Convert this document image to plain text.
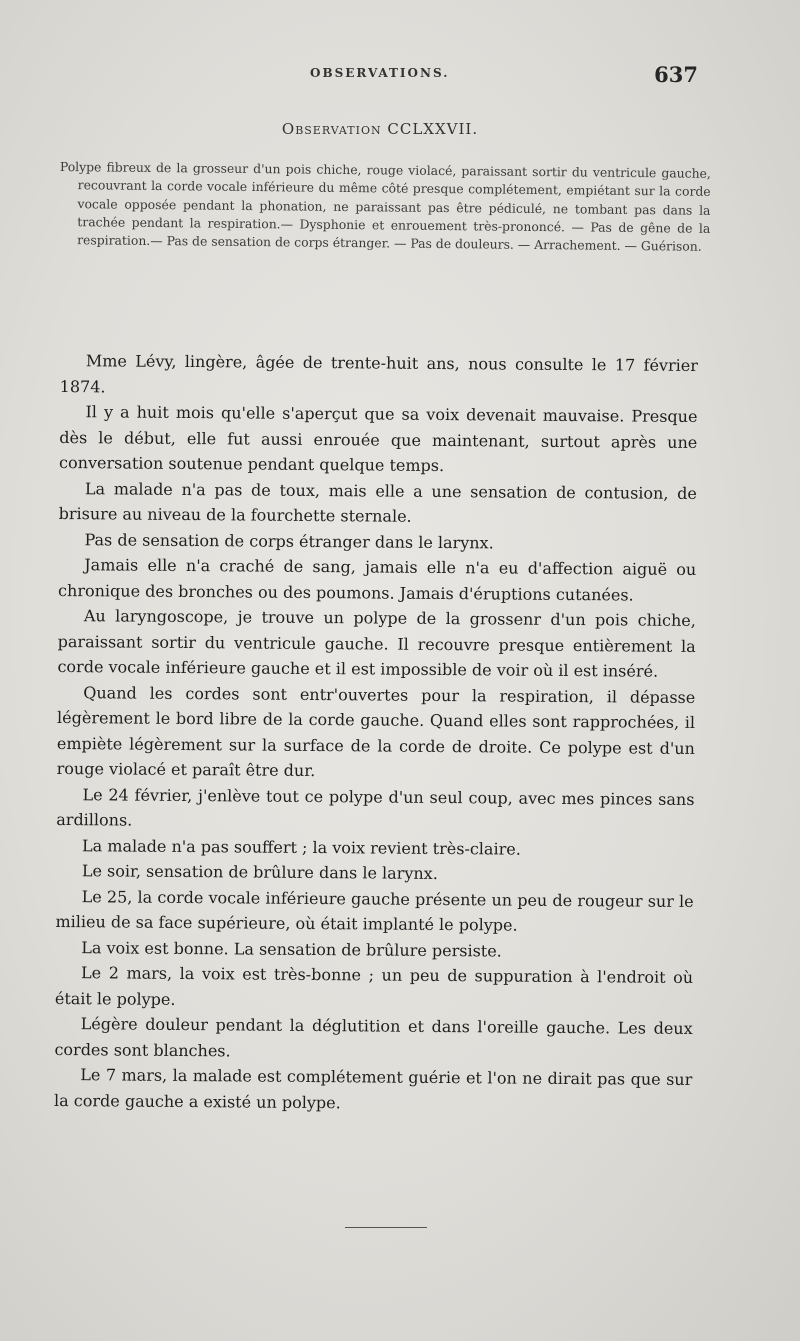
OBSERVATIONS.	637
Observation CCLXXVII.
Polype fibreux de la grosseur d'un pois chiche, rouge violacé, paraissant sortir du ventricule gauche, recouvrant la corde vocale inférieure du même côté presque complétement, empiétant sur la corde vocale opposée pendant la phonation, ne paraissant pas être pédiculé, ne tombant pas dans la trachée pendant la respiration.— Dysphonie et enrouement très-prononcé. — Pas de gêne de la respiration.— Pas de sensation de corps étranger. — Pas de douleurs. — Arrachement. — Guérison.

Mme Lévy, lingère, âgée de trente-huit ans, nous consulte le 17 février 1874.

Il y a huit mois qu'elle s'aperçut que sa voix devenait mauvaise. Presque dès le début, elle fut aussi enrouée que maintenant, surtout après une conversation soutenue pendant quelque temps.

La malade n'a pas de toux, mais elle a une sensation de contusion, de brisure au niveau de la fourchette sternale.

Pas de sensation de corps étranger dans le larynx.

Jamais elle n'a craché de sang, jamais elle n'a eu d'affection aiguë ou chronique des bronches ou des poumons. Jamais d'éruptions cutanées.

Au laryngoscope, je trouve un polype de la grossenr d'un pois chiche, paraissant sortir du ventricule gauche. Il recouvre presque entièrement la corde vocale inférieure gauche et il est impossible de voir où il est inséré.

Quand les cordes sont entr'ouvertes pour la respiration, il dépasse légèrement le bord libre de la corde gauche. Quand elles sont rapprochées, il empiète légèrement sur la surface de la corde de droite. Ce polype est d'un rouge violacé et paraît être dur.

Le 24 février, j'enlève tout ce polype d'un seul coup, avec mes pinces sans ardillons.

La malade n'a pas souffert ; la voix revient très-claire.

Le soir, sensation de brûlure dans le larynx.

Le 25, la corde vocale inférieure gauche présente un peu de rougeur sur le milieu de sa face supérieure, où était implanté le polype.

La voix est bonne. La sensation de brûlure persiste.

Le 2 mars, la voix est très-bonne ; un peu de suppuration à l'endroit où était le polype.

Légère douleur pendant la déglutition et dans l'oreille gauche. Les deux cordes sont blanches.

Le 7 mars, la malade est complétement guérie et l'on ne dirait pas que sur la corde gauche a existé un polype.
